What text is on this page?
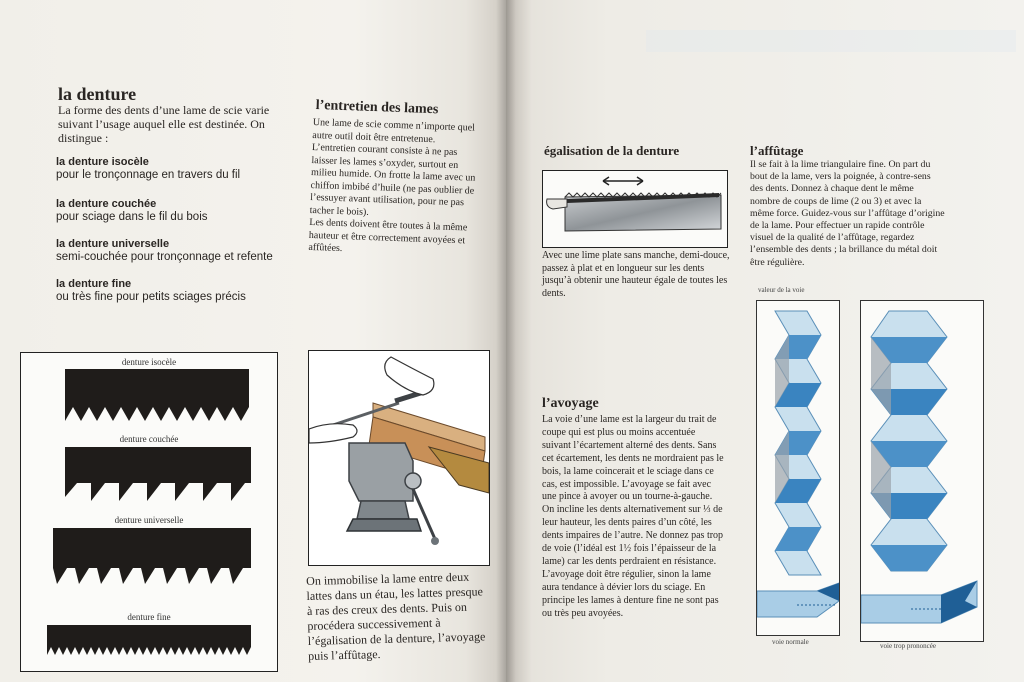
la denture
La forme des dents d’une lame de scie varie suivant l’usage auquel elle est destinée. On distingue :
la denture isocèle
pour le tronçonnage en travers du fil
la denture couchée
pour sciage dans le fil du bois
la denture universelle
semi-couchée pour tronçonnage et refente
la denture fine
ou très fine pour petits sciages précis
l’entretien des lames
Une lame de scie comme n’importe quel autre outil doit être entretenue. L’entretien courant consiste à ne pas laisser les lames s’oxyder, surtout en milieu humide. On frotte la lame avec un chiffon imbibé d’huile (ne pas oublier de l’essuyer avant utilisation, pour ne pas tacher le bois).
Les dents doivent être toutes à la même hauteur et être correctement avoyées et affûtées.
denture isocèle
denture couchée
denture universelle
denture fine
On immobilise la lame entre deux lattes dans un étau, les lattes presque à ras des creux des dents. Puis on procédera successivement à l’égalisation de la denture, l’avoyage puis l’affûtage.
égalisation de la denture
Avec une lime plate sans manche, demi-douce, passez à plat et en longueur sur les dents jusqu’à obtenir une hauteur égale de toutes les dents.
l’affûtage
Il se fait à la lime triangulaire fine. On part du bout de la lame, vers la poignée, à contre-sens des dents. Donnez à chaque dent le même nombre de coups de lime (2 ou 3) et avec la même force. Guidez-vous sur l’affûtage d’origine de la lame. Pour effectuer un rapide contrôle visuel de la qualité de l’affûtage, regardez l’ensemble des dents ; la brillance du métal doit être régulière.
l’avoyage
La voie d’une lame est la largeur du trait de coupe qui est plus ou moins accentuée suivant l’écartement alterné des dents. Sans cet écartement, les dents ne mordraient pas le bois, la lame coincerait et le sciage dans ce cas, est impossible. L’avoyage se fait avec une pince à avoyer ou un tourne-à-gauche. On incline les dents alternativement sur ⅓ de leur hauteur, les dents paires d’un côté, les dents impaires de l’autre. Ne donnez pas trop de voie (l’idéal est 1½ fois l’épaisseur de la lame) car les dents perdraient en résistance. L’avoyage doit être régulier, sinon la lame aura tendance à dévier lors du sciage. En principe les lames à denture fine ne sont pas ou très peu avoyées.
valeur de la voie
voie normale	voie trop prononcée
